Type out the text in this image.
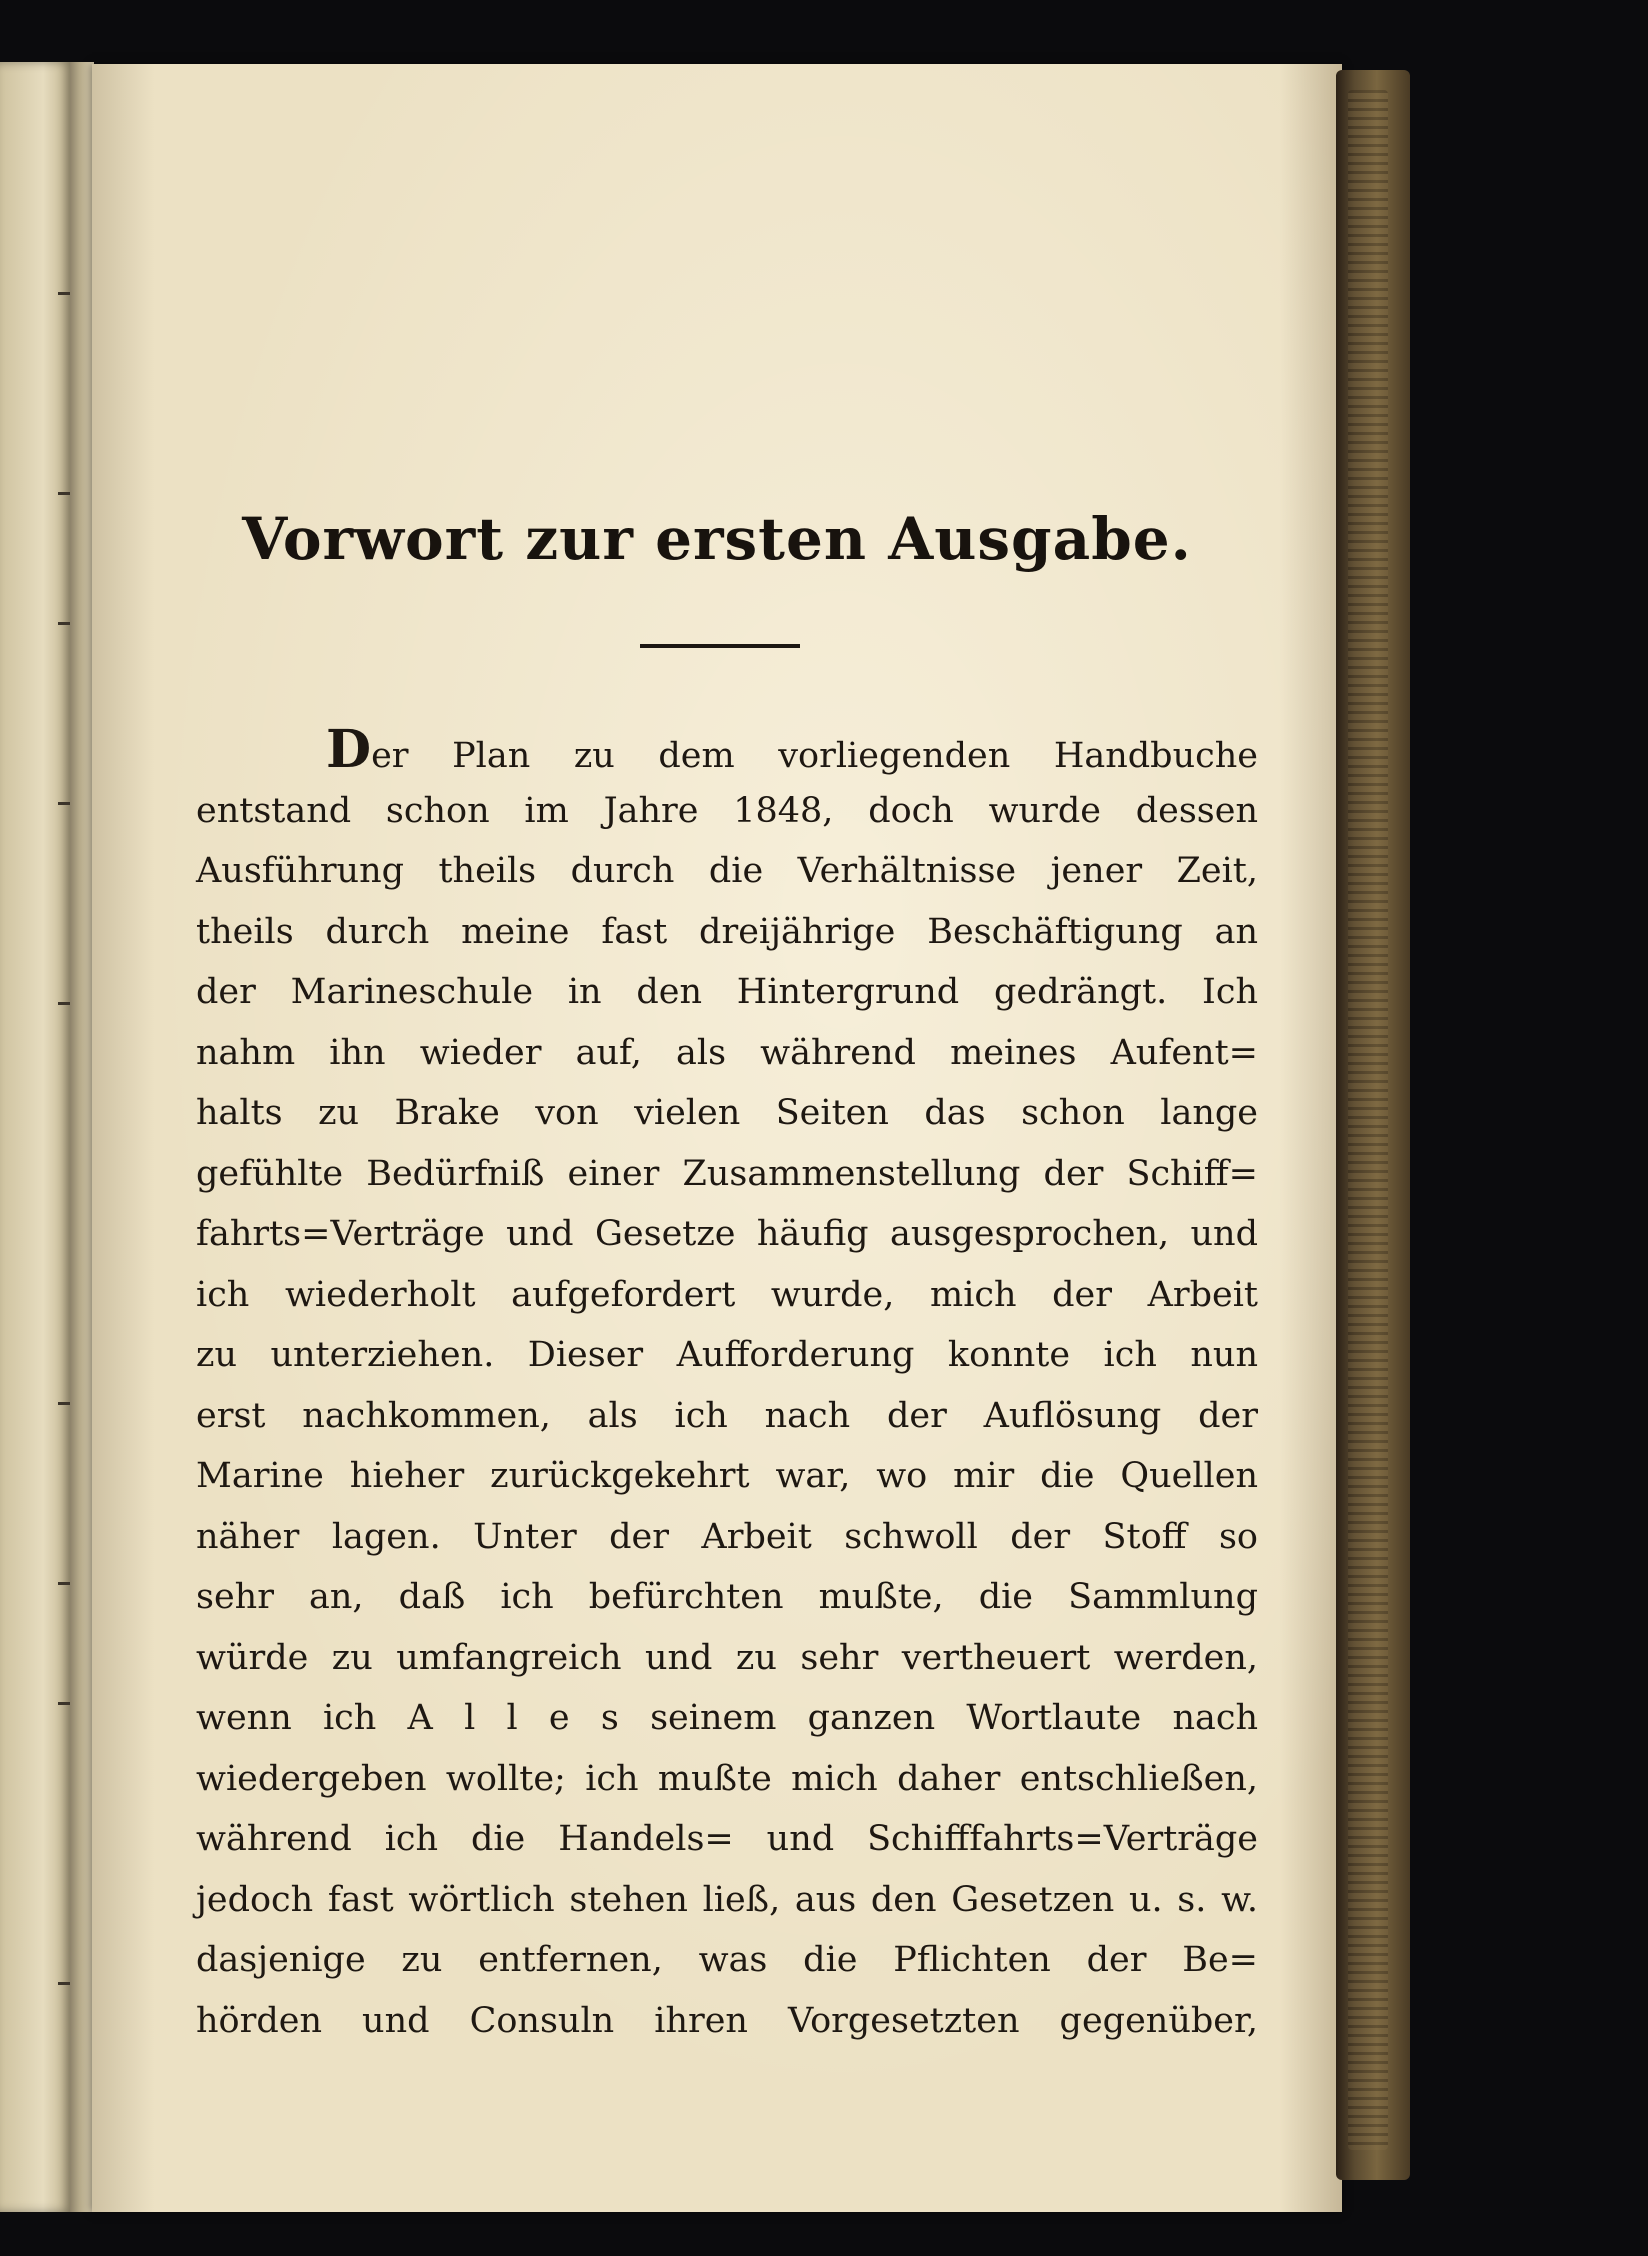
Vorwort zur ersten Ausgabe.
Der Plan zu dem vorliegenden Handbuche
entstand schon im Jahre 1848, doch wurde dessen
Ausführung theils durch die Verhältnisse jener Zeit,
theils durch meine fast dreijährige Beschäftigung an
der Marineschule in den Hintergrund gedrängt. Ich
nahm ihn wieder auf, als während meines Aufent=
halts zu Brake von vielen Seiten das schon lange
gefühlte Bedürfniß einer Zusammenstellung der Schiff=
fahrts=Verträge und Gesetze häufig ausgesprochen, und
ich wiederholt aufgefordert wurde, mich der Arbeit
zu unterziehen. Dieser Aufforderung konnte ich nun
erst nachkommen, als ich nach der Auflösung der
Marine hieher zurückgekehrt war, wo mir die Quellen
näher lagen. Unter der Arbeit schwoll der Stoff so
sehr an, daß ich befürchten mußte, die Sammlung
würde zu umfangreich und zu sehr vertheuert werden,
wenn ich A l l e s seinem ganzen Wortlaute nach
wiedergeben wollte; ich mußte mich daher entschließen,
während ich die Handels= und Schifffahrts=Verträge
jedoch fast wörtlich stehen ließ, aus den Gesetzen u. s. w.
dasjenige zu entfernen, was die Pflichten der Be=
hörden und Consuln ihren Vorgesetzten gegenüber,
